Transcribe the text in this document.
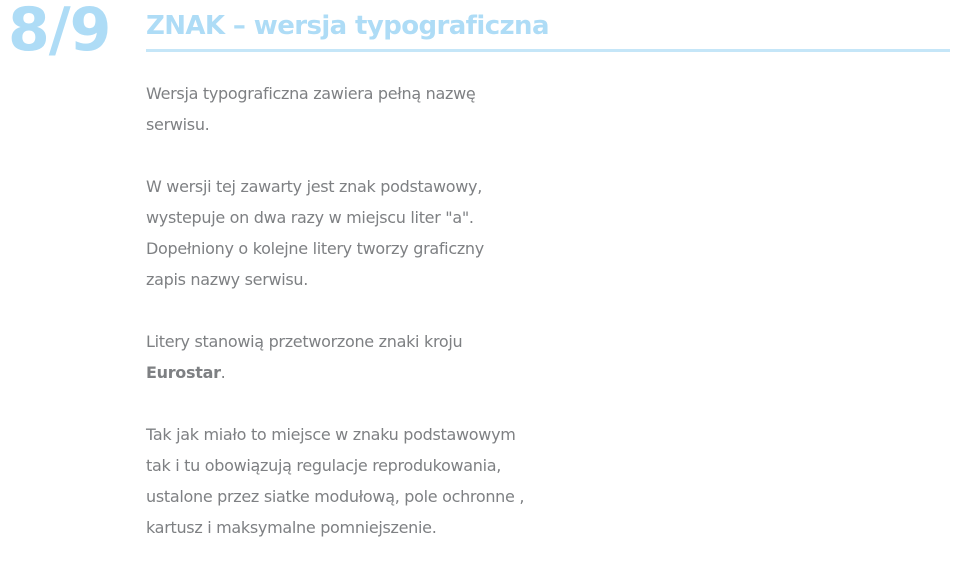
8/9 ZNAK – wersja typograficzna
Wersja typograficzna zawiera pełną nazwę
serwisu.
W wersji tej zawarty jest znak podstawowy,
wystepuje on dwa razy w miejscu liter "a".
Dopełniony o kolejne litery tworzy graficzny
zapis nazwy serwisu.
Litery stanowią przetworzone znaki kroju
Eurostar.
Tak jak miało to miejsce w znaku podstawowym
tak i tu obowiązują regulacje reprodukowania,
ustalone przez siatke modułową, pole ochronne ,
kartusz i maksymalne pomniejszenie.
